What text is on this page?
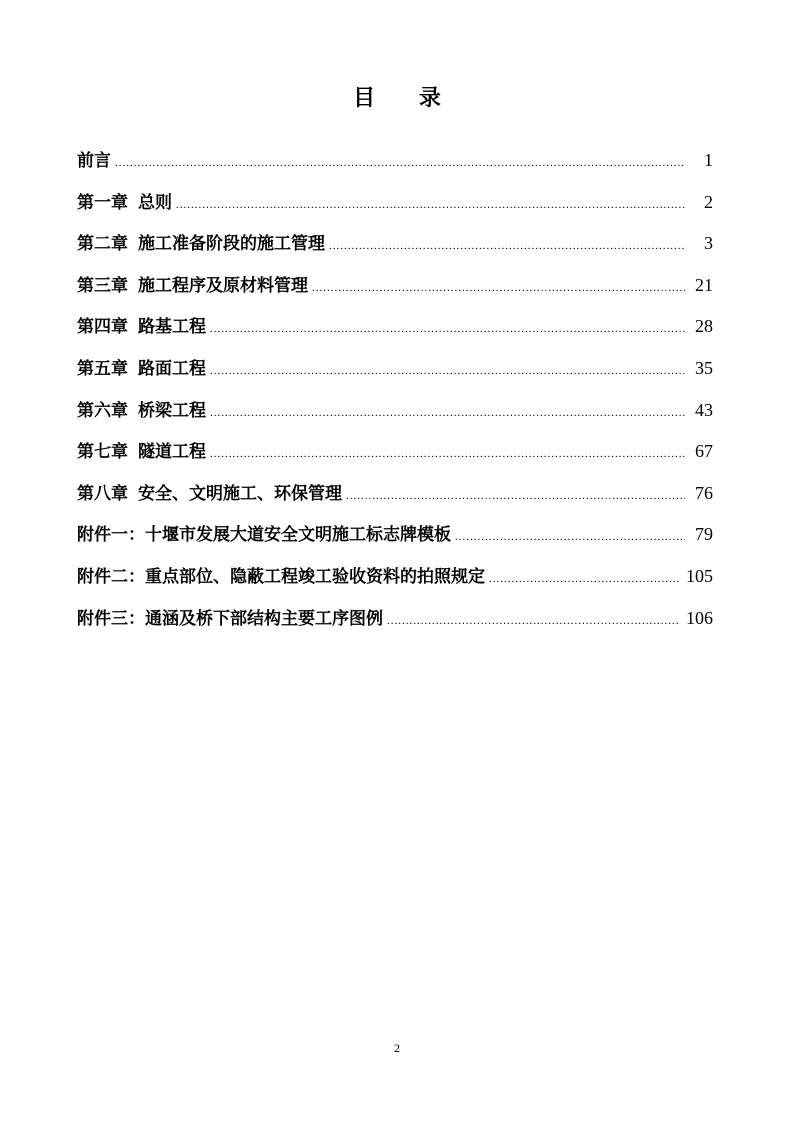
目 录
前言 .....	1
第一章 总则 .....	2
第二章 施工准备阶段的施工管理 .....	3
第三章 施工程序及原材料管理 .....	21
第四章 路基工程 .....	28
第五章 路面工程 .....	35
第六章 桥梁工程 .....	43
第七章 隧道工程 .....	67
第八章 安全、文明施工、环保管理 .....	76
附件一：十堰市发展大道安全文明施工标志牌模板 .....	79
附件二：重点部位、隐蔽工程竣工验收资料的拍照规定 .....	105
附件三：通涵及桥下部结构主要工序图例 .....	106
2
